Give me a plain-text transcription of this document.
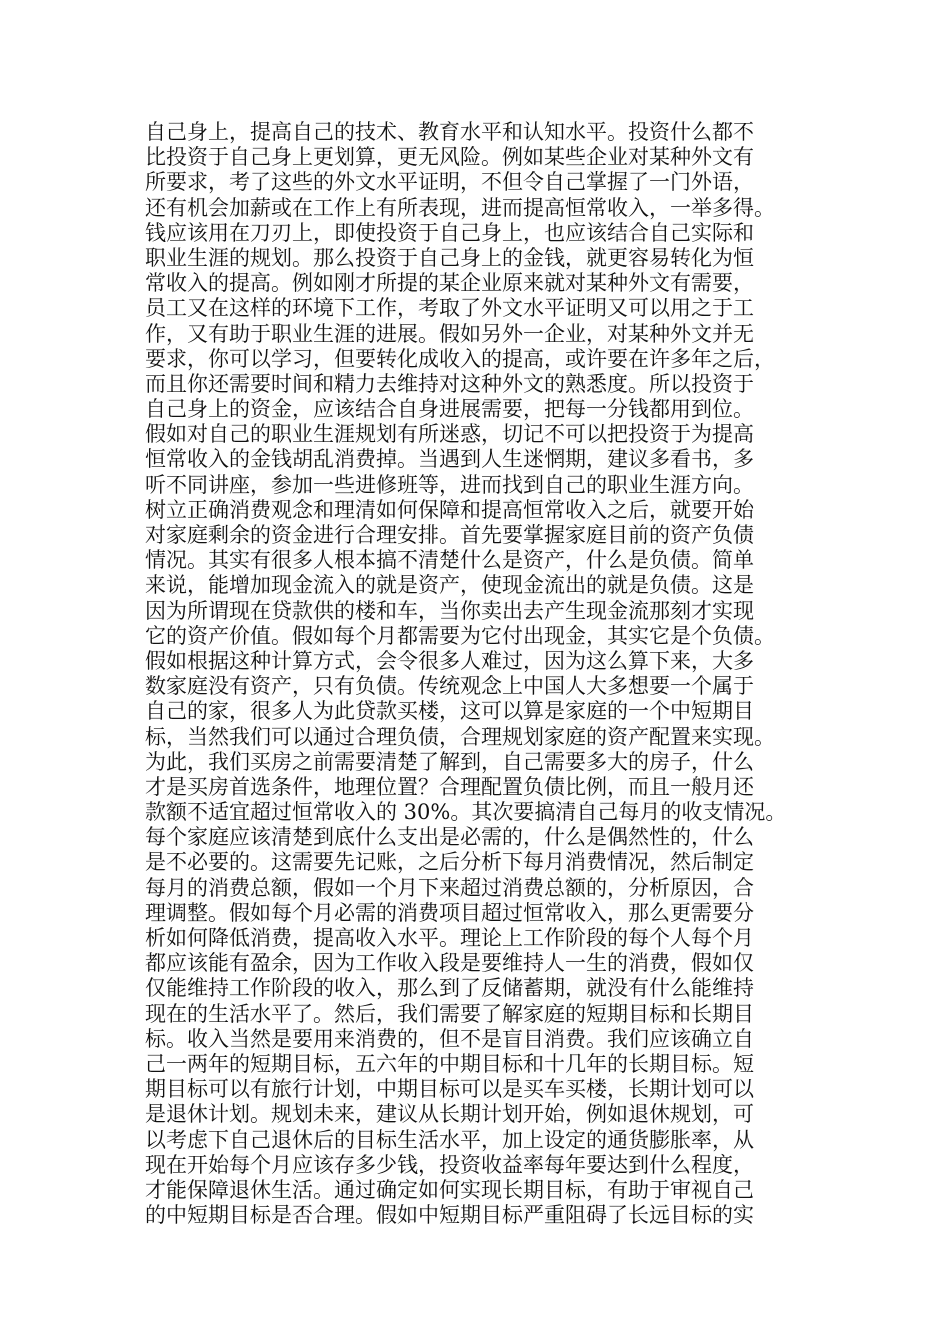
自己身上，提高自己的技术、教育水平和认知水平。投资什么都不
比投资于自己身上更划算，更无风险。例如某些企业对某种外文有
所要求，考了这些的外文水平证明，不但令自己掌握了一门外语，
还有机会加薪或在工作上有所表现，进而提高恒常收入，一举多得。
钱应该用在刀刃上，即使投资于自己身上，也应该结合自己实际和
职业生涯的规划。那么投资于自己身上的金钱，就更容易转化为恒
常收入的提高。例如刚才所提的某企业原来就对某种外文有需要，
员工又在这样的环境下工作，考取了外文水平证明又可以用之于工
作，又有助于职业生涯的进展。假如另外一企业，对某种外文并无
要求，你可以学习，但要转化成收入的提高，或许要在许多年之后，
而且你还需要时间和精力去维持对这种外文的熟悉度。所以投资于
自己身上的资金，应该结合自身进展需要，把每一分钱都用到位。
假如对自己的职业生涯规划有所迷惑，切记不可以把投资于为提高
恒常收入的金钱胡乱消费掉。当遇到人生迷惘期，建议多看书，多
听不同讲座，参加一些进修班等，进而找到自己的职业生涯方向。
树立正确消费观念和理清如何保障和提高恒常收入之后，就要开始
对家庭剩余的资金进行合理安排。首先要掌握家庭目前的资产负债
情况。其实有很多人根本搞不清楚什么是资产，什么是负债。简单
来说，能增加现金流入的就是资产，使现金流出的就是负债。这是
因为所谓现在贷款供的楼和车，当你卖出去产生现金流那刻才实现
它的资产价值。假如每个月都需要为它付出现金，其实它是个负债。
假如根据这种计算方式，会令很多人难过，因为这么算下来，大多
数家庭没有资产，只有负债。传统观念上中国人大多想要一个属于
自己的家，很多人为此贷款买楼，这可以算是家庭的一个中短期目
标，当然我们可以通过合理负债，合理规划家庭的资产配置来实现。
为此，我们买房之前需要清楚了解到，自己需要多大的房子，什么
才是买房首选条件，地理位置？合理配置负债比例，而且一般月还
款额不适宜超过恒常收入的 30%。其次要搞清自己每月的收支情况。
每个家庭应该清楚到底什么支出是必需的，什么是偶然性的，什么
是不必要的。这需要先记账，之后分析下每月消费情况，然后制定
每月的消费总额，假如一个月下来超过消费总额的，分析原因，合
理调整。假如每个月必需的消费项目超过恒常收入，那么更需要分
析如何降低消费，提高收入水平。理论上工作阶段的每个人每个月
都应该能有盈余，因为工作收入段是要维持人一生的消费，假如仅
仅能维持工作阶段的收入，那么到了反储蓄期，就没有什么能维持
现在的生活水平了。然后，我们需要了解家庭的短期目标和长期目
标。收入当然是要用来消费的，但不是盲目消费。我们应该确立自
己一两年的短期目标，五六年的中期目标和十几年的长期目标。短
期目标可以有旅行计划，中期目标可以是买车买楼，长期计划可以
是退休计划。规划未来，建议从长期计划开始，例如退休规划，可
以考虑下自己退休后的目标生活水平，加上设定的通货膨胀率，从
现在开始每个月应该存多少钱，投资收益率每年要达到什么程度，
才能保障退休生活。通过确定如何实现长期目标，有助于审视自己
的中短期目标是否合理。假如中短期目标严重阻碍了长远目标的实
